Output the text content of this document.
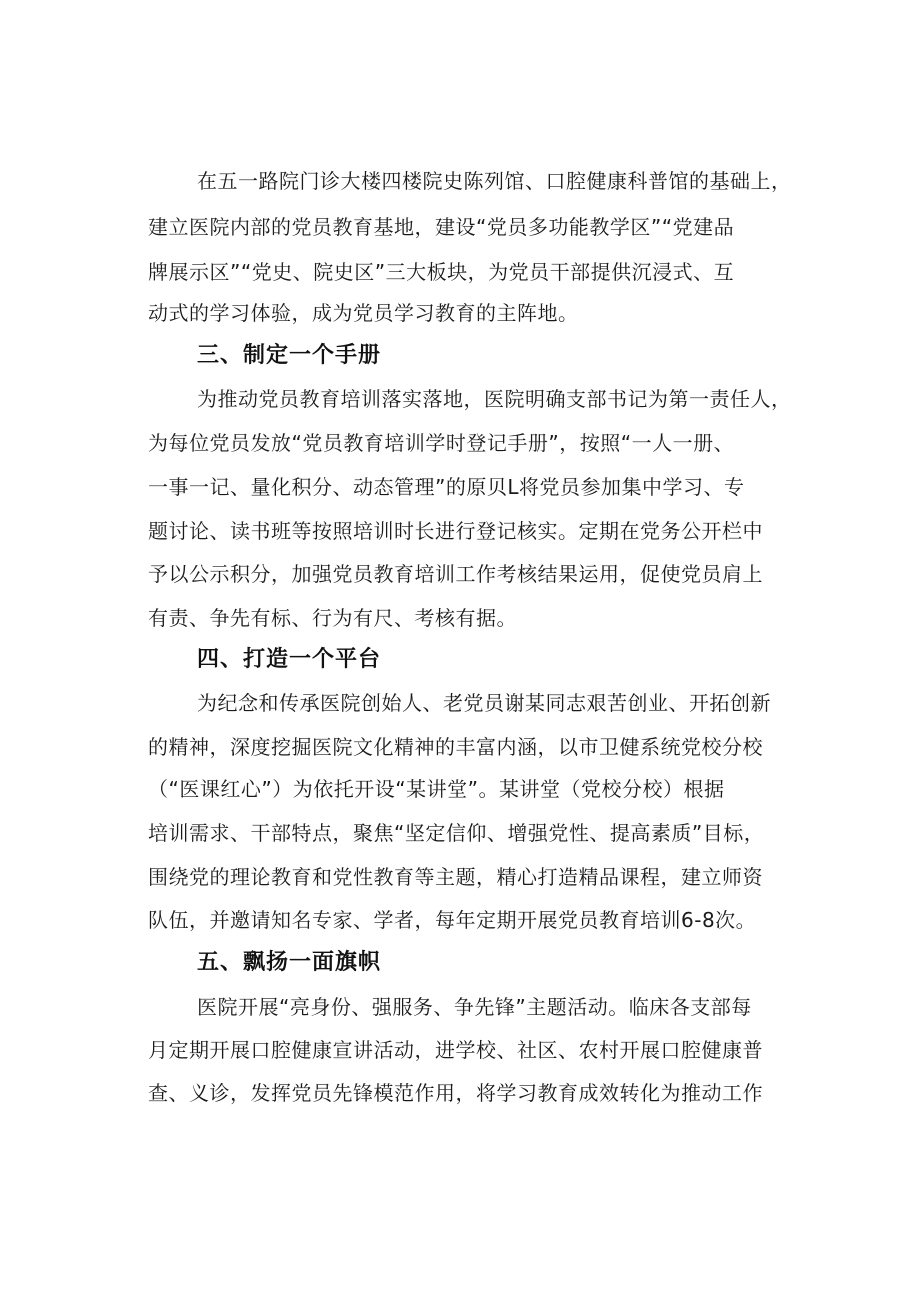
在五一路院门诊大楼四楼院史陈列馆、口腔健康科普馆的基础上，
建立医院内部的党员教育基地，建设“党员多功能教学区”“党建品
牌展示区”“党史、院史区”三大板块，为党员干部提供沉浸式、互
动式的学习体验，成为党员学习教育的主阵地。
三、制定一个手册
为推动党员教育培训落实落地，医院明确支部书记为第一责任人，
为每位党员发放“党员教育培训学时登记手册”，按照“一人一册、
一事一记、量化积分、动态管理”的原贝L将党员参加集中学习、专
题讨论、读书班等按照培训时长进行登记核实。定期在党务公开栏中
予以公示积分，加强党员教育培训工作考核结果运用，促使党员肩上
有责、争先有标、行为有尺、考核有据。
四、打造一个平台
为纪念和传承医院创始人、老党员谢某同志艰苦创业、开拓创新
的精神，深度挖掘医院文化精神的丰富内涵，以市卫健系统党校分校
（“医课红心”）为依托开设“某讲堂”。某讲堂（党校分校）根据
培训需求、干部特点，聚焦“坚定信仰、增强党性、提高素质”目标，
围绕党的理论教育和党性教育等主题，精心打造精品课程，建立师资
队伍，并邀请知名专家、学者，每年定期开展党员教育培训6-8次。
五、飘扬一面旗帜
医院开展“亮身份、强服务、争先锋”主题活动。临床各支部每
月定期开展口腔健康宣讲活动，进学校、社区、农村开展口腔健康普
查、义诊，发挥党员先锋模范作用，将学习教育成效转化为推动工作
